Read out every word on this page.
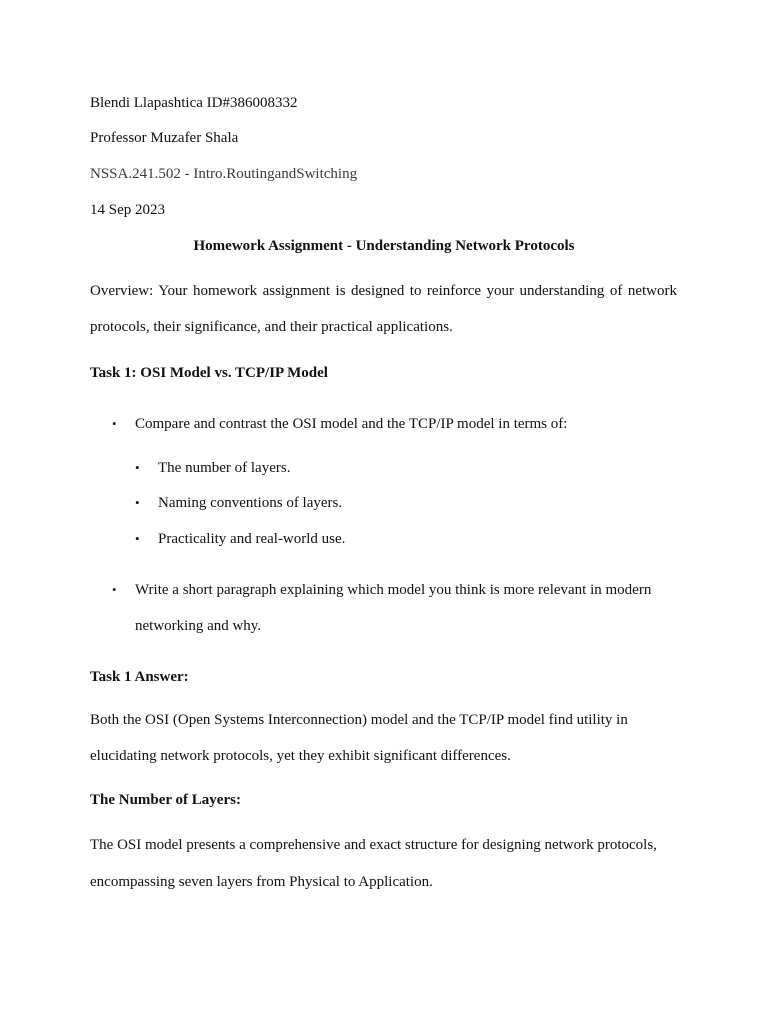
Blendi Llapashtica ID#386008332
Professor Muzafer Shala
NSSA.241.502 - Intro.RoutingandSwitching
14 Sep 2023
Homework Assignment - Understanding Network Protocols
Overview: Your homework assignment is designed to reinforce your understanding of network
protocols, their significance, and their practical applications.
Task 1: OSI Model vs. TCP/IP Model
• Compare and contrast the OSI model and the TCP/IP model in terms of:
• The number of layers.
• Naming conventions of layers.
• Practicality and real-world use.
• Write a short paragraph explaining which model you think is more relevant in modern
networking and why.
Task 1 Answer:
Both the OSI (Open Systems Interconnection) model and the TCP/IP model find utility in
elucidating network protocols, yet they exhibit significant differences.
The Number of Layers:
The OSI model presents a comprehensive and exact structure for designing network protocols,
encompassing seven layers from Physical to Application.
